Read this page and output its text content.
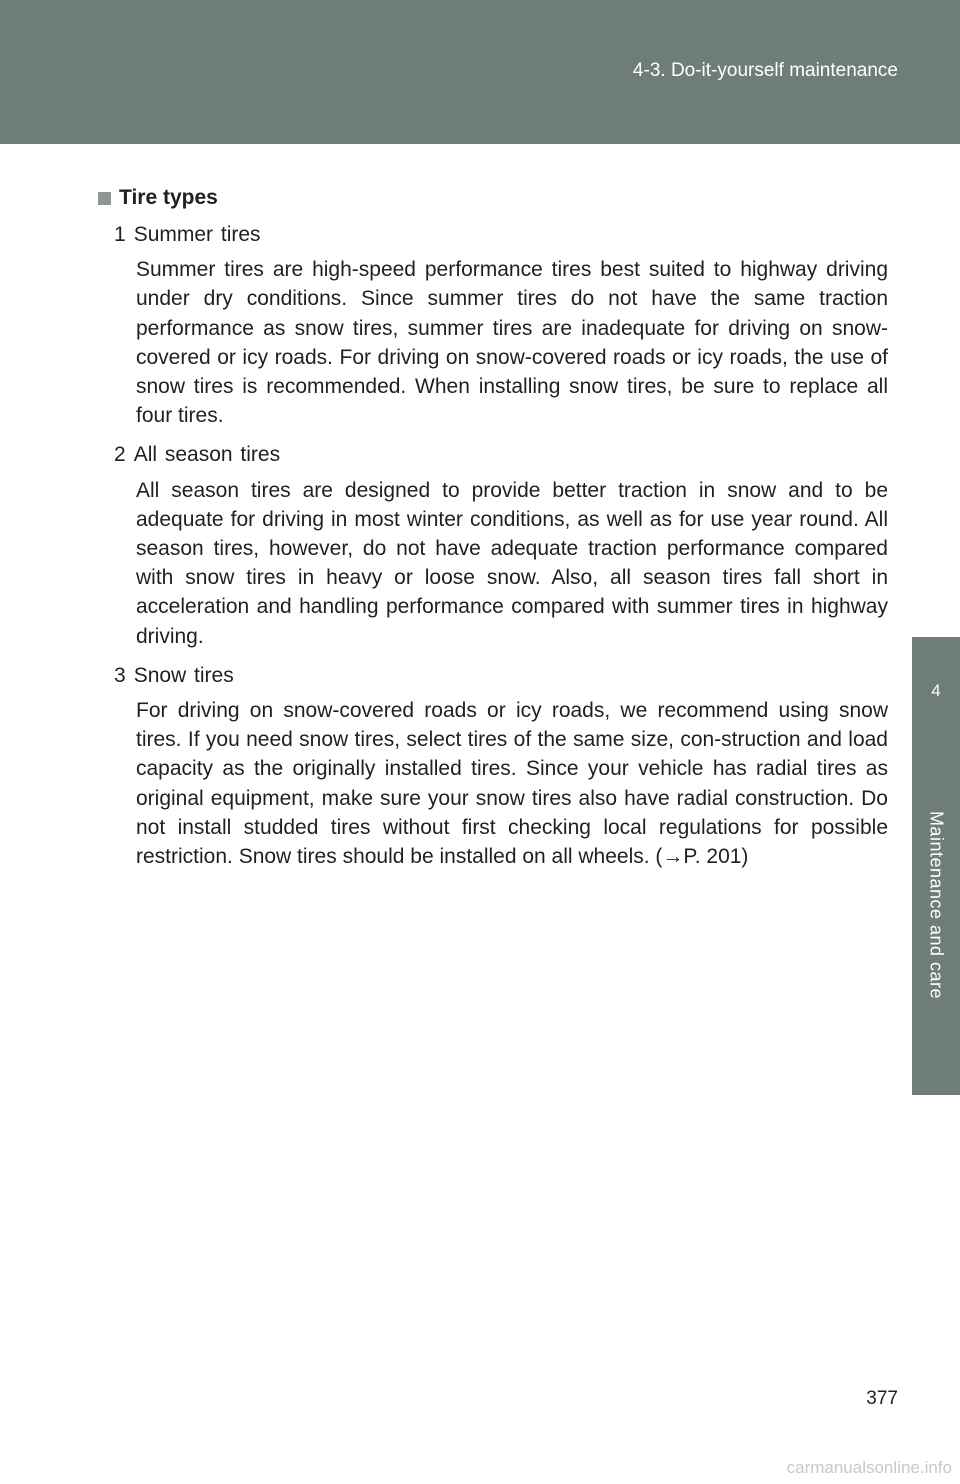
4-3. Do-it-yourself maintenance
4
Maintenance and care
Tire types
1 Summer tires
Summer tires are high-speed performance tires best suited to highway driving under dry conditions. Since summer tires do not have the same traction performance as snow tires, summer tires are inadequate for driving on snow-covered or icy roads. For driving on snow-covered roads or icy roads, the use of snow tires is recommended. When installing snow tires, be sure to replace all four tires.
2 All season tires
All season tires are designed to provide better traction in snow and to be adequate for driving in most winter conditions, as well as for use year round. All season tires, however, do not have adequate traction performance compared with snow tires in heavy or loose snow. Also, all season tires fall short in acceleration and handling performance compared with summer tires in highway driving.
3 Snow tires
For driving on snow-covered roads or icy roads, we recommend using snow tires. If you need snow tires, select tires of the same size, con-struction and load capacity as the originally installed tires. Since your vehicle has radial tires as original equipment, make sure your snow tires also have radial construction. Do not install studded tires without first checking local regulations for possible restriction. Snow tires should be installed on all wheels. (→P. 201)
377
carmanualsonline.info
